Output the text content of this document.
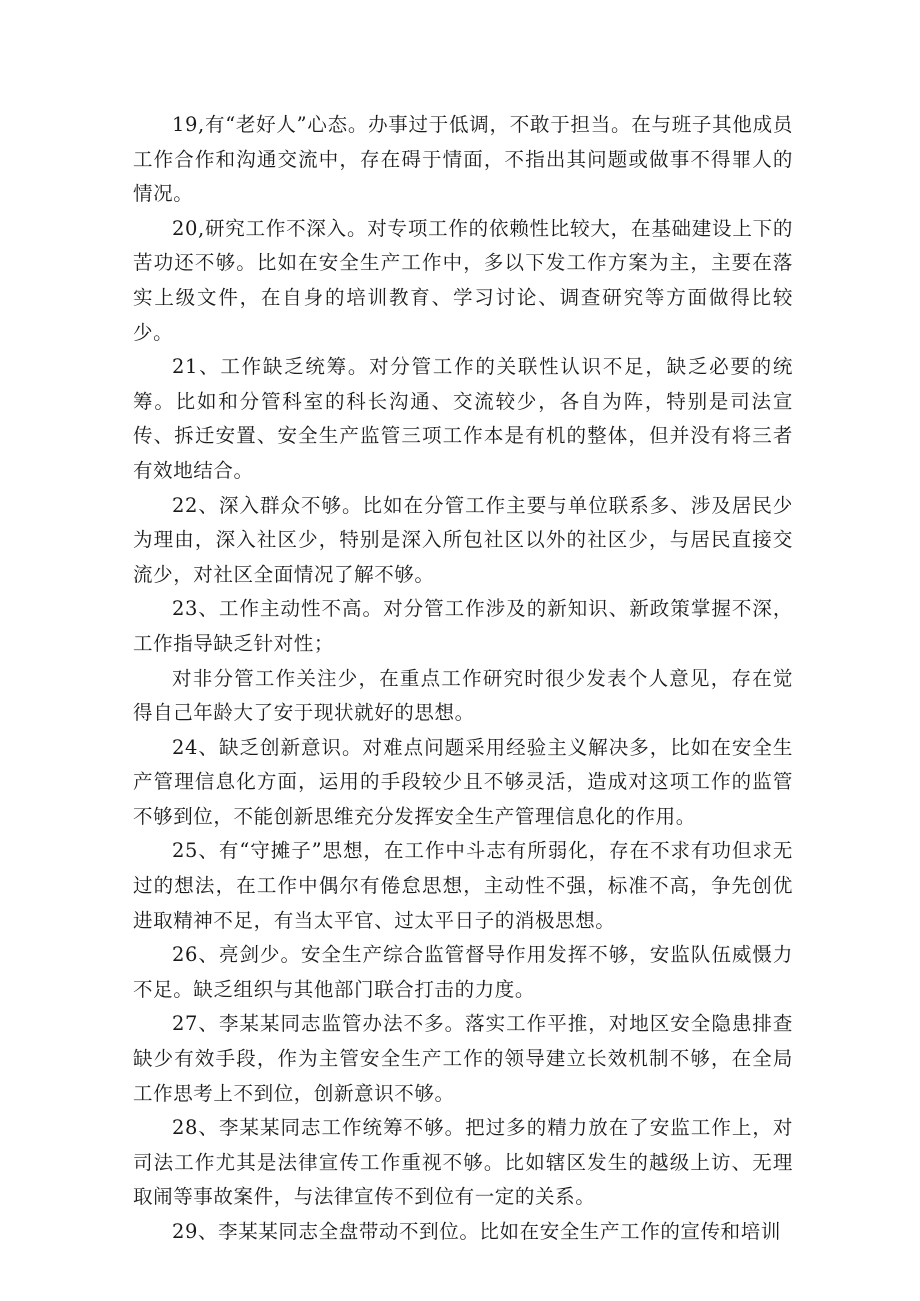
19,有“老好人”心态。办事过于低调，不敢于担当。在与班子其他成员工作合作和沟通交流中，存在碍于情面，不指出其问题或做事不得罪人的情况。

20,研究工作不深入。对专项工作的依赖性比较大，在基础建设上下的苦功还不够。比如在安全生产工作中，多以下发工作方案为主，主要在落实上级文件，在自身的培训教育、学习讨论、调查研究等方面做得比较少。

21、工作缺乏统筹。对分管工作的关联性认识不足，缺乏必要的统筹。比如和分管科室的科长沟通、交流较少，各自为阵，特别是司法宣传、拆迁安置、安全生产监管三项工作本是有机的整体，但并没有将三者有效地结合。

22、深入群众不够。比如在分管工作主要与单位联系多、涉及居民少为理由，深入社区少，特别是深入所包社区以外的社区少，与居民直接交流少，对社区全面情况了解不够。

23、工作主动性不高。对分管工作涉及的新知识、新政策掌握不深，工作指导缺乏针对性；

对非分管工作关注少，在重点工作研究时很少发表个人意见，存在觉得自己年龄大了安于现状就好的思想。

24、缺乏创新意识。对难点问题采用经验主义解决多，比如在安全生产管理信息化方面，运用的手段较少且不够灵活，造成对这项工作的监管不够到位，不能创新思维充分发挥安全生产管理信息化的作用。

25、有“守摊子”思想，在工作中斗志有所弱化，存在不求有功但求无过的想法，在工作中偶尔有倦怠思想，主动性不强，标准不高，争先创优进取精神不足，有当太平官、过太平日子的消极思想。

26、亮剑少。安全生产综合监管督导作用发挥不够，安监队伍威慑力不足。缺乏组织与其他部门联合打击的力度。

27、李某某同志监管办法不多。落实工作平推，对地区安全隐患排查缺少有效手段，作为主管安全生产工作的领导建立长效机制不够，在全局工作思考上不到位，创新意识不够。

28、李某某同志工作统筹不够。把过多的精力放在了安监工作上，对司法工作尤其是法律宣传工作重视不够。比如辖区发生的越级上访、无理取闹等事故案件，与法律宣传不到位有一定的关系。

29、李某某同志全盘带动不到位。比如在安全生产工作的宣传和培训
